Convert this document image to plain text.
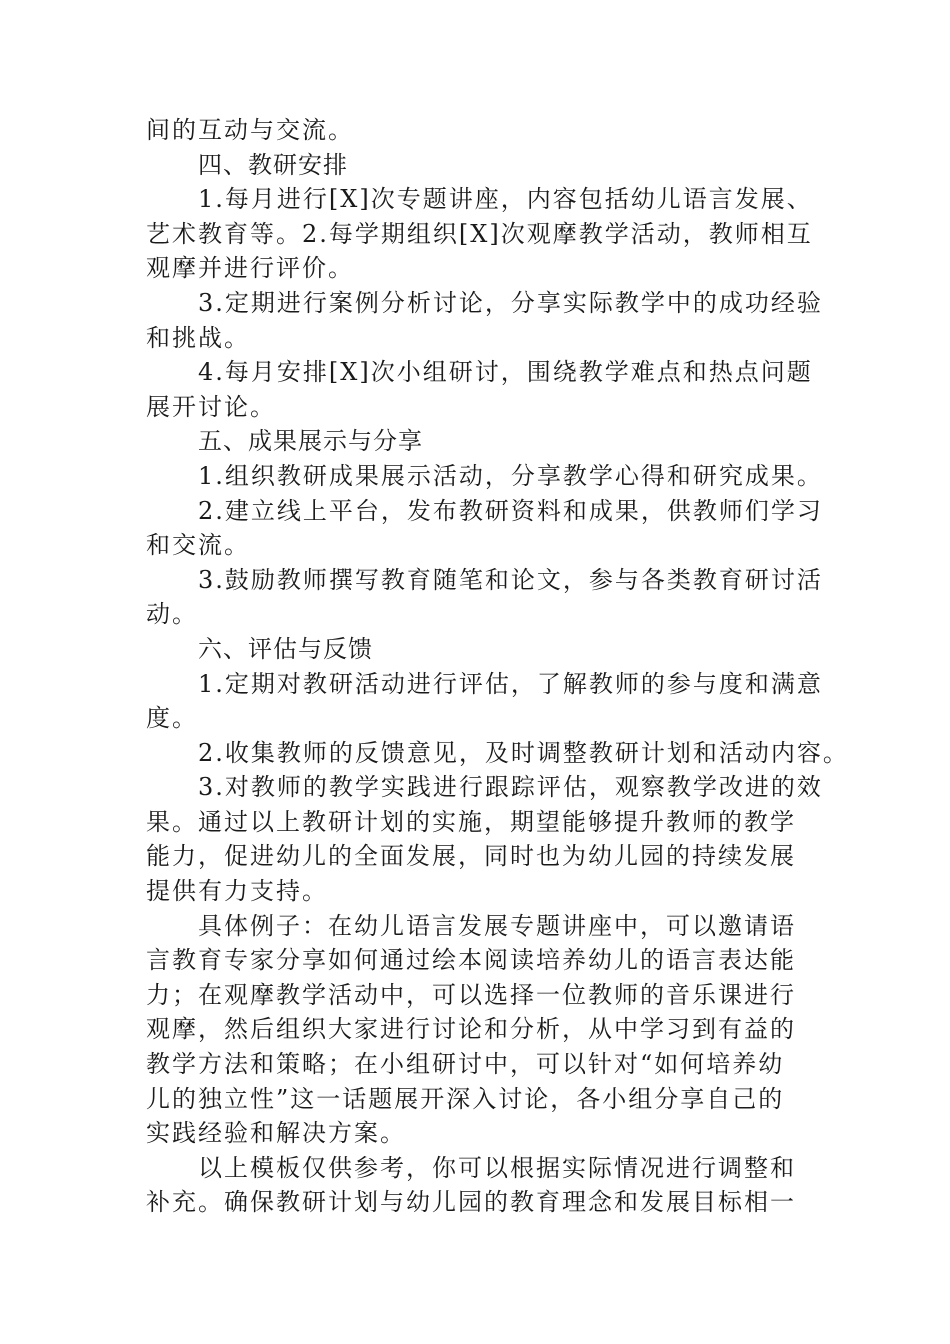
间的互动与交流。
四、教研安排
1.每月进行[X]次专题讲座，内容包括幼儿语言发展、
艺术教育等。2.每学期组织[X]次观摩教学活动，教师相互
观摩并进行评价。
3.定期进行案例分析讨论，分享实际教学中的成功经验
和挑战。
4.每月安排[X]次小组研讨，围绕教学难点和热点问题
展开讨论。
五、成果展示与分享
1.组织教研成果展示活动，分享教学心得和研究成果。
2.建立线上平台，发布教研资料和成果，供教师们学习
和交流。
3.鼓励教师撰写教育随笔和论文，参与各类教育研讨活
动。
六、评估与反馈
1.定期对教研活动进行评估，了解教师的参与度和满意
度。
2.收集教师的反馈意见，及时调整教研计划和活动内容。
3.对教师的教学实践进行跟踪评估，观察教学改进的效
果。通过以上教研计划的实施，期望能够提升教师的教学
能力，促进幼儿的全面发展，同时也为幼儿园的持续发展
提供有力支持。
具体例子：在幼儿语言发展专题讲座中，可以邀请语
言教育专家分享如何通过绘本阅读培养幼儿的语言表达能
力；在观摩教学活动中，可以选择一位教师的音乐课进行
观摩，然后组织大家进行讨论和分析，从中学习到有益的
教学方法和策略；在小组研讨中，可以针对“如何培养幼
儿的独立性”这一话题展开深入讨论，各小组分享自己的
实践经验和解决方案。
以上模板仅供参考，你可以根据实际情况进行调整和
补充。确保教研计划与幼儿园的教育理念和发展目标相一
